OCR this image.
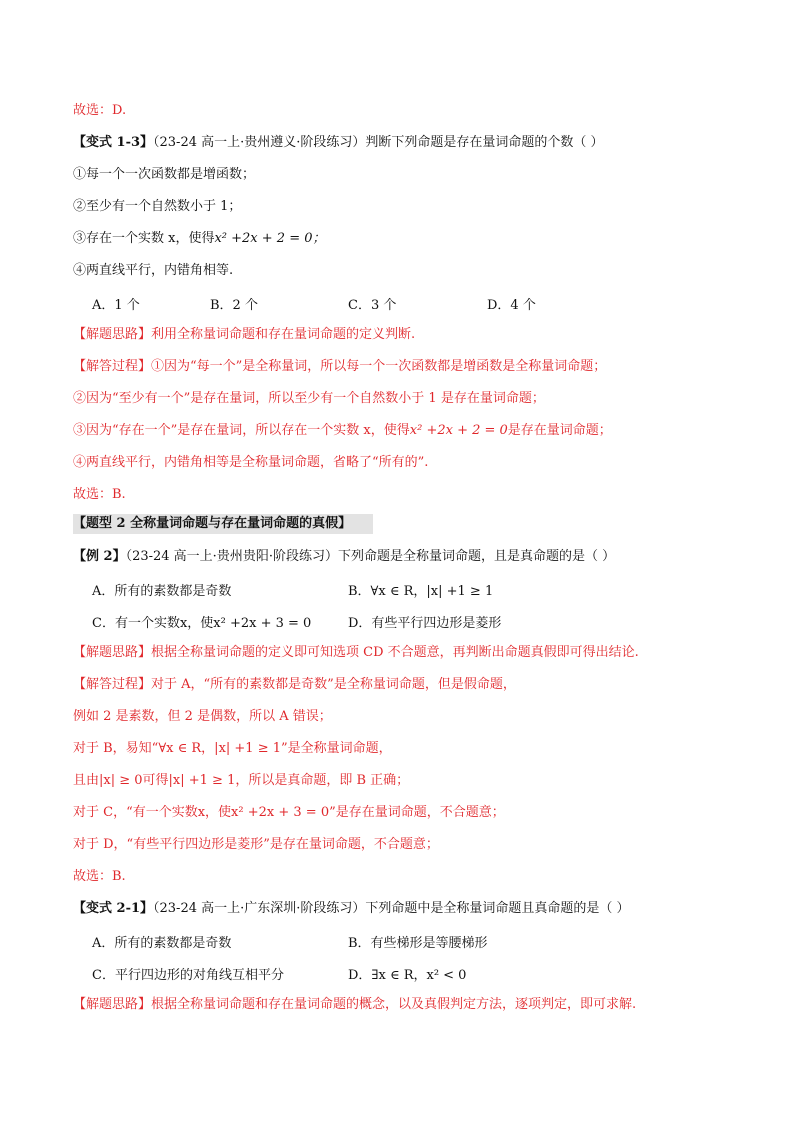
故选：D.
【变式 1-3】（23-24 高一上·贵州遵义·阶段练习）判断下列命题是存在量词命题的个数（ ）
①每一个一次函数都是增函数；
②至少有一个自然数小于 1；
③存在一个实数 x，使得x² +2x + 2 = 0；
④两直线平行，内错角相等.
A．1 个	B．2 个	C．3 个	D．4 个
【解题思路】利用全称量词命题和存在量词命题的定义判断.
【解答过程】①因为“每一个”是全称量词，所以每一个一次函数都是增函数是全称量词命题；
②因为“至少有一个”是存在量词，所以至少有一个自然数小于 1 是存在量词命题；
③因为“存在一个”是存在量词，所以存在一个实数 x，使得x² +2x + 2 = 0是存在量词命题；
④两直线平行，内错角相等是全称量词命题，省略了“所有的”.
故选：B.
【题型 2 全称量词命题与存在量词命题的真假】
【例 2】（23-24 高一上·贵州贵阳·阶段练习）下列命题是全称量词命题，且是真命题的是（ ）
A．所有的素数都是奇数	B．∀x ∈ R，|x| +1 ≥ 1
C．有一个实数x，使x² +2x + 3 = 0	D．有些平行四边形是菱形
【解题思路】根据全称量词命题的定义即可知选项 CD 不合题意，再判断出命题真假即可得出结论.
【解答过程】对于 A，“所有的素数都是奇数”是全称量词命题，但是假命题，
例如 2 是素数，但 2 是偶数，所以 A 错误；
对于 B，易知“∀x ∈ R，|x| +1 ≥ 1”是全称量词命题，
且由|x| ≥ 0可得|x| +1 ≥ 1，所以是真命题，即 B 正确；
对于 C，“有一个实数x，使x² +2x + 3 = 0”是存在量词命题，不合题意；
对于 D，“有些平行四边形是菱形”是存在量词命题，不合题意；
故选：B.
【变式 2-1】（23-24 高一上·广东深圳·阶段练习）下列命题中是全称量词命题且真命题的是（ ）
A．所有的素数都是奇数	B．有些梯形是等腰梯形
C．平行四边形的对角线互相平分	D．∃x ∈ R，x² < 0
【解题思路】根据全称量词命题和存在量词命题的概念，以及真假判定方法，逐项判定，即可求解.
